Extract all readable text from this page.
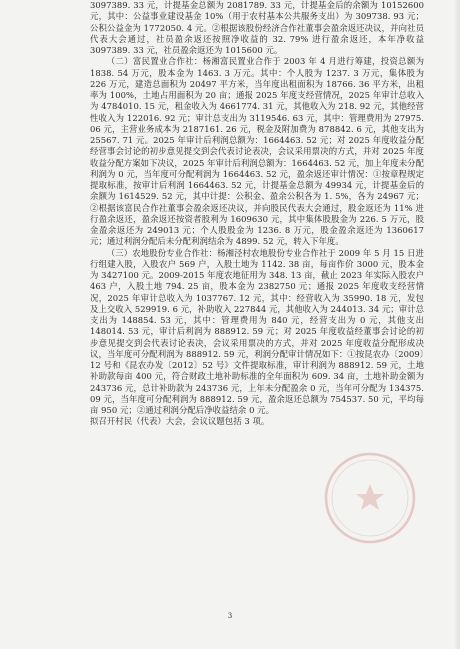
3097389. 33 元，计提基金总额为 2081789. 33 元，计提基金后的余额为 10152600 元，其中：公益事业建设基金 10%（用于农村基本公共服务支出）为 309738. 93 元；公积公益金为 1772050. 4 元。②根据该股份经济合作社董事会盈余返还决议，并向社员代表大会通过，社员盈余返还按照净收益的 32. 79% 进行盈余返还，本年净收益 3097389. 33 元，社员盈余返还为 1015600 元。

（二）富民置业合作社：杨湘富民置业合作于 2003 年 4 月进行筹建，投资总额为 1838. 54 万元，股本金为 1463. 3 万元。其中：个人股为 1237. 3 万元，集体股为 226 万元，建造总面积为 20497 平方米，当年度出租面积为 18766. 36 平方米，出租率为 100%，土地占用面积为 20 亩；通报 2025 年度支经营情况，2025 年审计总收入为 4784010. 15 元，租金收入为 4661774. 31 元，其他收入为 218. 92 元，其他经营性收入为 122016. 92 元；审计总支出为 3119546. 63 元，其中：管理费用为 27975. 06 元，主营业务成本为 2187161. 26 元，税金及附加费为 878842. 6 元，其他支出为 25567. 71 元。2025 年审计后利润总额为：1664463. 52 元；对 2025 年度收益分配经营事会讨论的初步意见提交到会代表讨论表决，会议采用票决的方式，并对 2025 年度收益分配方案如下决议，2025 年审计后利润总额为：1664463. 52 元，加上年度未分配利润为 0 元，当年度可分配利润为 1664463. 52 元，盈余返还审计情况：①按章程规定提取标准，按审计后利润 1664463. 52 元，计提基金总额为 49934 元，计提基金后的余额为 1614529. 52 元，其中计提：公积金、盈余公积各为 1. 5%，各为 24967 元；②根据该富民合作社董事会盈余返还决议，并向股民代表大会通过，股金返还为 11% 进行盈余返还，盈余返还按资者股利为 1609630 元，其中集体股股金为 226. 5 万元，股金盈余返还为 249013 元；个人股股金为 1236. 8 万元，股金盈余返还为 1360617 元；通过利润分配后未分配利润结余为 4899. 52 元，转入下年度。

（三）农地股份专业合作社：杨湘泾村农地股份专业合作社于 2009 年 5 月 15 日进行组建入股，入股农户 569 户，入股土地为 1142. 38 亩，每亩作价 3000 元，股本金为 3427100 元。2009-2015 年度农地征用为 348. 13 亩，截止 2023 年实际入股农户 463 户，入股土地 794. 25 亩，股本金为 2382750 元；通报 2025 年度收支经营情况，2025 年审计总收入为 1037767. 12 元，其中：经营收入为 35990. 18 元，发包及上交收入 529919. 6 元，补助收入 227844 元，其他收入为 244013. 34 元；审计总支出为 148854. 53 元，其中：管理费用为 840 元，经营支出为 0 元，其他支出 148014. 53 元，审计后利润为 888912. 59 元；对 2025 年度收益经董事会讨论的初步意见提交到会代表讨论表决，会议采用票决的方式，并对 2025 年度收益分配形成决议，当年度可分配利润为 888912. 59 元，利润分配审计情况如下：①按昆农办〔2009〕12 号和《昆农办发〔2012〕52 号》文件提取标准，审计利润为 888912. 59 元，土地补助款每亩 400 元，符合财政土地补助标准的全年面积为 609. 34 亩，土地补助金额为 243736 元，总计补助款为 243736 元，上年未分配盈余 0 元，当年可分配为 134375. 09 元，当年度可分配利润为 888912. 59 元，盈余返还总额为 754537. 50 元，平均每亩 950 元；②通过利润分配后净收益结余 0 元。

拟召开村民（代表）大会，会议议题包括 3 项。

3
